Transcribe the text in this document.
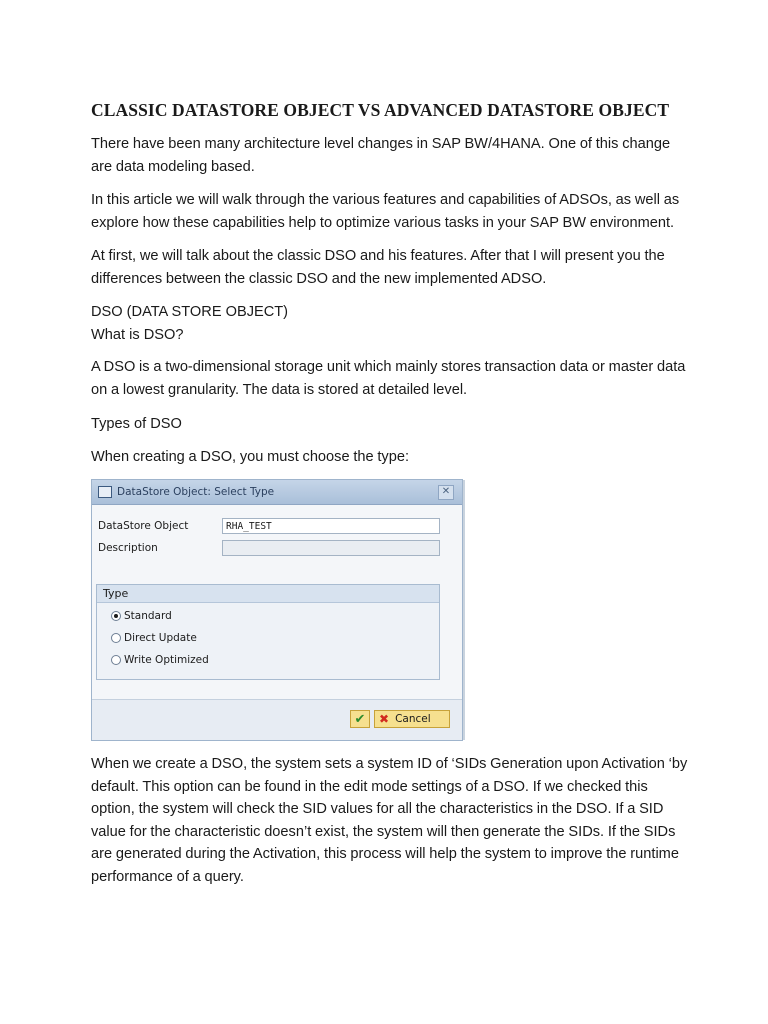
CLASSIC DATASTORE OBJECT VS ADVANCED DATASTORE OBJECT

There have been many architecture level changes in SAP BW/4HANA. One of this change are data modeling based.

In this article we will walk through the various features and capabilities of ADSOs, as well as explore how these capabilities help to optimize various tasks in your SAP BW environment.

At first, we will talk about the classic DSO and his features. After that I will present you the differences between the classic DSO and the new implemented ADSO.

DSO (DATA STORE OBJECT)
What is DSO?

A DSO is a two-dimensional storage unit which mainly stores transaction data or master data on a lowest granularity. The data is stored at detailed level.

Types of DSO

When creating a DSO, you must choose the type:

DataStore Object: Select Type	✕
DataStore Object	RHA_TEST
Description
Type
Standard
Direct Update
Write Optimized
✔	✖ Cancel

When we create a DSO, the system sets a system ID of ‘SIDs Generation upon Activation ‘by default. This option can be found in the edit mode settings of a DSO. If we checked this option, the system will check the SID values for all the characteristics in the DSO. If a SID value for the characteristic doesn’t exist, the system will then generate the SIDs. If the SIDs are generated during the Activation, this process will help the system to improve the runtime performance of a query.
